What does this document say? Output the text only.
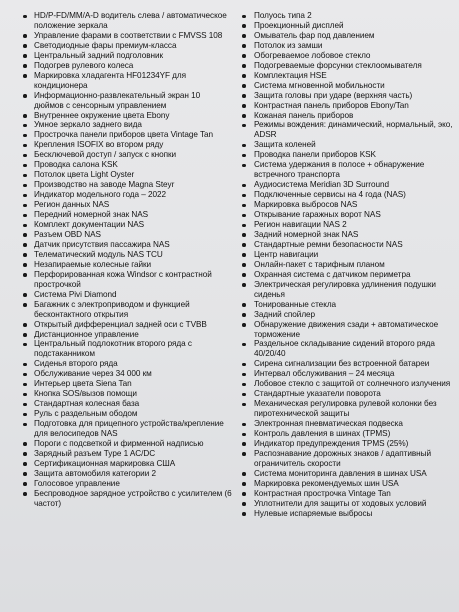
HD/P-FD/MM/A-D водитель слева / автоматическое положение зеркала
Управление фарами в соответствии с FMVSS 108
Светодиодные фары премиум-класса
Центральный задний подголовник
Подогрев рулевого колеса
Маркировка хладагента HF01234YF для кондиционера
Информационно-развлекательный экран 10 дюймов с сенсорным управлением
Внутреннее окружение цвета Ebony
Умное зеркало заднего вида
Прострочка панели приборов цвета Vintage Tan
Крепления ISOFIX во втором ряду
Бесключевой доступ / запуск с кнопки
Проводка салона KSK
Потолок цвета Light Oyster
Производство на заводе Magna Steyr
Индикатор модельного года – 2022
Регион данных NAS
Передний номерной знак NAS
Комплект документации NAS
Разъем OBD NAS
Датчик присутствия пассажира NAS
Телематический модуль NAS TCU
Незапираемые колесные гайки
Перфорированная кожа Windsor с контрастной прострочкой
Система Pivi Diamond
Багажник с электроприводом и функцией бесконтактного открытия
Открытый дифференциал задней оси с TVBB
Дистанционное управление
Центральный подлокотник второго ряда с подстаканником
Сиденья второго ряда
Обслуживание через 34 000 км
Интерьер цвета Siena Tan
Кнопка SOS/вызов помощи
Стандартная колесная база
Руль с раздельным ободом
Подготовка для прицепного устройства/крепление для велосипедов NAS
Пороги с подсветкой и фирменной надписью
Зарядный разъем Type 1 AC/DC
Сертификационная маркировка США
Защита автомобиля категории 2
Голосовое управление
Беспроводное зарядное устройство с усилителем (6 частот)
Полуось типа 2
Проекционный дисплей
Омыватель фар под давлением
Потолок из замши
Обогреваемое лобовое стекло
Подогреваемые форсунки стеклоомывателя
Комплектация HSE
Система мгновенной мобильности
Защита головы при ударе (верхняя часть)
Контрастная панель приборов Ebony/Tan
Кожаная панель приборов
Режимы вождения: динамический, нормальный, эко, ADSR
Защита коленей
Проводка панели приборов KSK
Система удержания в полосе + обнаружение встречного транспорта
Аудиосистема Meridian 3D Surround
Подключенные сервисы на 4 года (NAS)
Маркировка выбросов NAS
Открывание гаражных ворот NAS
Регион навигации NAS 2
Задний номерной знак NAS
Стандартные ремни безопасности NAS
Центр навигации
Онлайн-пакет с тарифным планом
Охранная система с датчиком периметра
Электрическая регулировка удлинения подушки сиденья
Тонированные стекла
Задний спойлер
Обнаружение движения сзади + автоматическое торможение
Раздельное складывание сидений второго ряда 40/20/40
Сирена сигнализации без встроенной батареи
Интервал обслуживания – 24 месяца
Лобовое стекло с защитой от солнечного излучения
Стандартные указатели поворота
Механическая регулировка рулевой колонки без пиротехнической защиты
Электронная пневматическая подвеска
Контроль давления в шинах (TPMS)
Индикатор предупреждения TPMS (25%)
Распознавание дорожных знаков / адаптивный ограничитель скорости
Система мониторинга давления в шинах USA
Маркировка рекомендуемых шин USA
Контрастная прострочка Vintage Tan
Уплотнители для защиты от ходовых условий
Нулевые испаряемые выбросы
